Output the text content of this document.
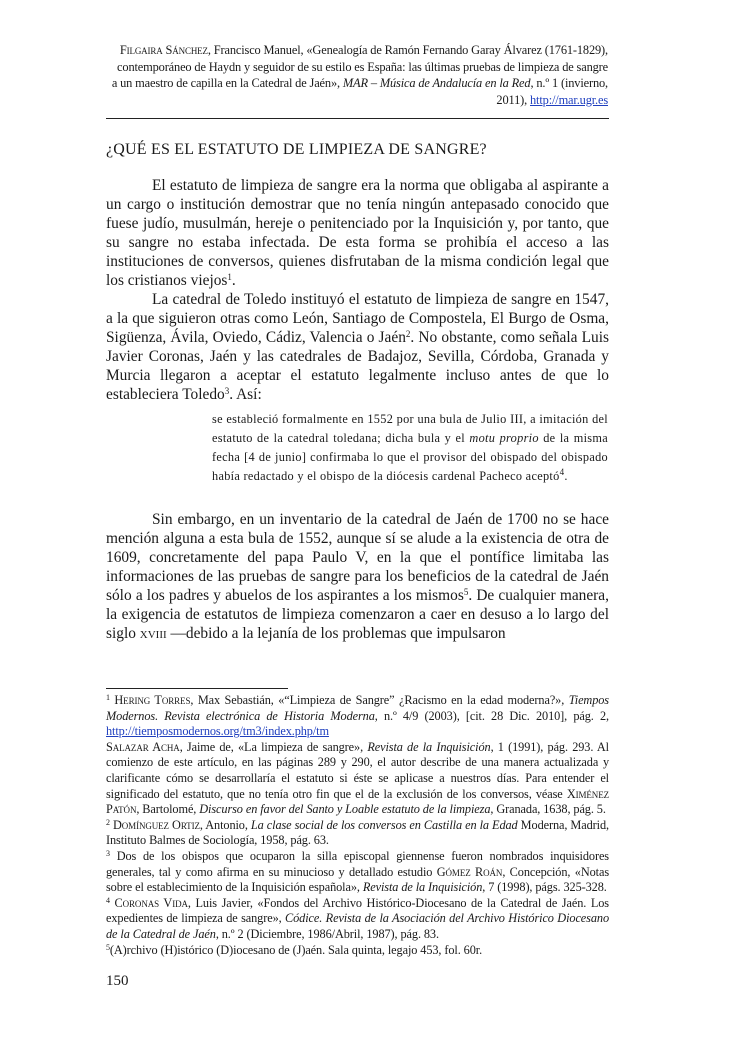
Filgaira Sánchez, Francisco Manuel, «Genealogía de Ramón Fernando Garay Álvarez (1761-1829), contemporáneo de Haydn y seguidor de su estilo es España: las últimas pruebas de limpieza de sangre a un maestro de capilla en la Catedral de Jaén», MAR – Música de Andalucía en la Red, n.º 1 (invierno, 2011), http://mar.ugr.es
¿QUÉ ES EL ESTATUTO DE LIMPIEZA DE SANGRE?

El estatuto de limpieza de sangre era la norma que obligaba al aspirante a un cargo o institución demostrar que no tenía ningún antepasado conocido que fuese judío, musulmán, hereje o penitenciado por la Inquisición y, por tanto, que su sangre no estaba infectada. De esta forma se prohibía el acceso a las instituciones de conversos, quienes disfrutaban de la misma condición legal que los cristianos viejos$^1$.

La catedral de Toledo instituyó el estatuto de limpieza de sangre en 1547, a la que siguieron otras como León, Santiago de Compostela, El Burgo de Osma, Sigüenza, Ávila, Oviedo, Cádiz, Valencia o Jaén$^2$. No obstante, como señala Luis Javier Coronas, Jaén y las catedrales de Badajoz, Sevilla, Córdoba, Granada y Murcia llegaron a aceptar el estatuto legalmente incluso antes de que lo estableciera Toledo$^3$. Así:

se estableció formalmente en 1552 por una bula de Julio III, a imitación del estatuto de la catedral toledana; dicha bula y el motu proprio de la misma fecha [4 de junio] confirmaba lo que el provisor del obispado del obispado había redactado y el obispo de la diócesis cardenal Pacheco aceptó$^4$.

Sin embargo, en un inventario de la catedral de Jaén de 1700 no se hace mención alguna a esta bula de 1552, aunque sí se alude a la existencia de otra de 1609, concretamente del papa Paulo V, en la que el pontífice limitaba las informaciones de las pruebas de sangre para los beneficios de la catedral de Jaén sólo a los padres y abuelos de los aspirantes a los mismos$^5$. De cualquier manera, la exigencia de estatutos de limpieza comenzaron a caer en desuso a lo largo del siglo xviii —debido a la lejanía de los problemas que impulsaron

$^1$ Hering Torres, Max Sebastián, «“Limpieza de Sangre” ¿Racismo en la edad moderna?», Tiempos Modernos. Revista electrónica de Historia Moderna, n.º 4/9 (2003), [cit. 28 Dic. 2010], pág. 2, http://tiemposmodernos.org/tm3/index.php/tm
Salazar Acha, Jaime de, «La limpieza de sangre», Revista de la Inquisición, 1 (1991), pág. 293. Al comienzo de este artículo, en las páginas 289 y 290, el autor describe de una manera actualizada y clarificante cómo se desarrollaría el estatuto si éste se aplicase a nuestros días. Para entender el significado del estatuto, que no tenía otro fin que el de la exclusión de los conversos, véase Ximénez Patón, Bartolomé, Discurso en favor del Santo y Loable estatuto de la limpieza, Granada, 1638, pág. 5.

$^2$ Domínguez Ortiz, Antonio, La clase social de los conversos en Castilla en la Edad Moderna, Madrid, Instituto Balmes de Sociología, 1958, pág. 63.

$^3$ Dos de los obispos que ocuparon la silla episcopal giennense fueron nombrados inquisidores generales, tal y como afirma en su minucioso y detallado estudio Gómez Roán, Concepción, «Notas sobre el establecimiento de la Inquisición española», Revista de la Inquisición, 7 (1998), págs. 325-328.

$^4$ Coronas Vida, Luis Javier, «Fondos del Archivo Histórico-Diocesano de la Catedral de Jaén. Los expedientes de limpieza de sangre», Códice. Revista de la Asociación del Archivo Histórico Diocesano de la Catedral de Jaén, n.º 2 (Diciembre, 1986/Abril, 1987), pág. 83.

$^5$(A)rchivo (H)istórico (D)iocesano de (J)aén. Sala quinta, legajo 453, fol. 60r.

150
